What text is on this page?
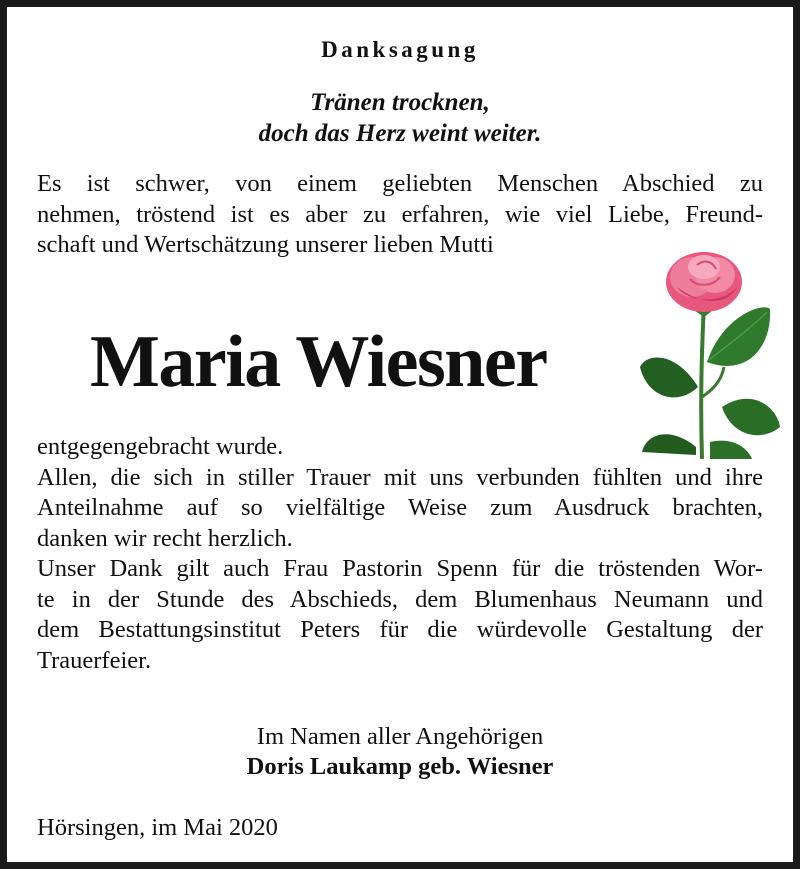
Danksagung
Tränen trocknen,
doch das Herz weint weiter.
Es ist schwer, von einem geliebten Menschen Abschied zu
nehmen, tröstend ist es aber zu erfahren, wie viel Liebe, Freund-
schaft und Wertschätzung unserer lieben Mutti
Maria Wiesner
entgegengebracht wurde.
Allen, die sich in stiller Trauer mit uns verbunden fühlten und ihre
Anteilnahme auf so vielfältige Weise zum Ausdruck brachten,
danken wir recht herzlich.
Unser Dank gilt auch Frau Pastorin Spenn für die tröstenden Wor-
te in der Stunde des Abschieds, dem Blumenhaus Neumann und
dem Bestattungsinstitut Peters für die würdevolle Gestaltung der
Trauerfeier.
Im Namen aller Angehörigen
Doris Laukamp geb. Wiesner
Hörsingen, im Mai 2020
